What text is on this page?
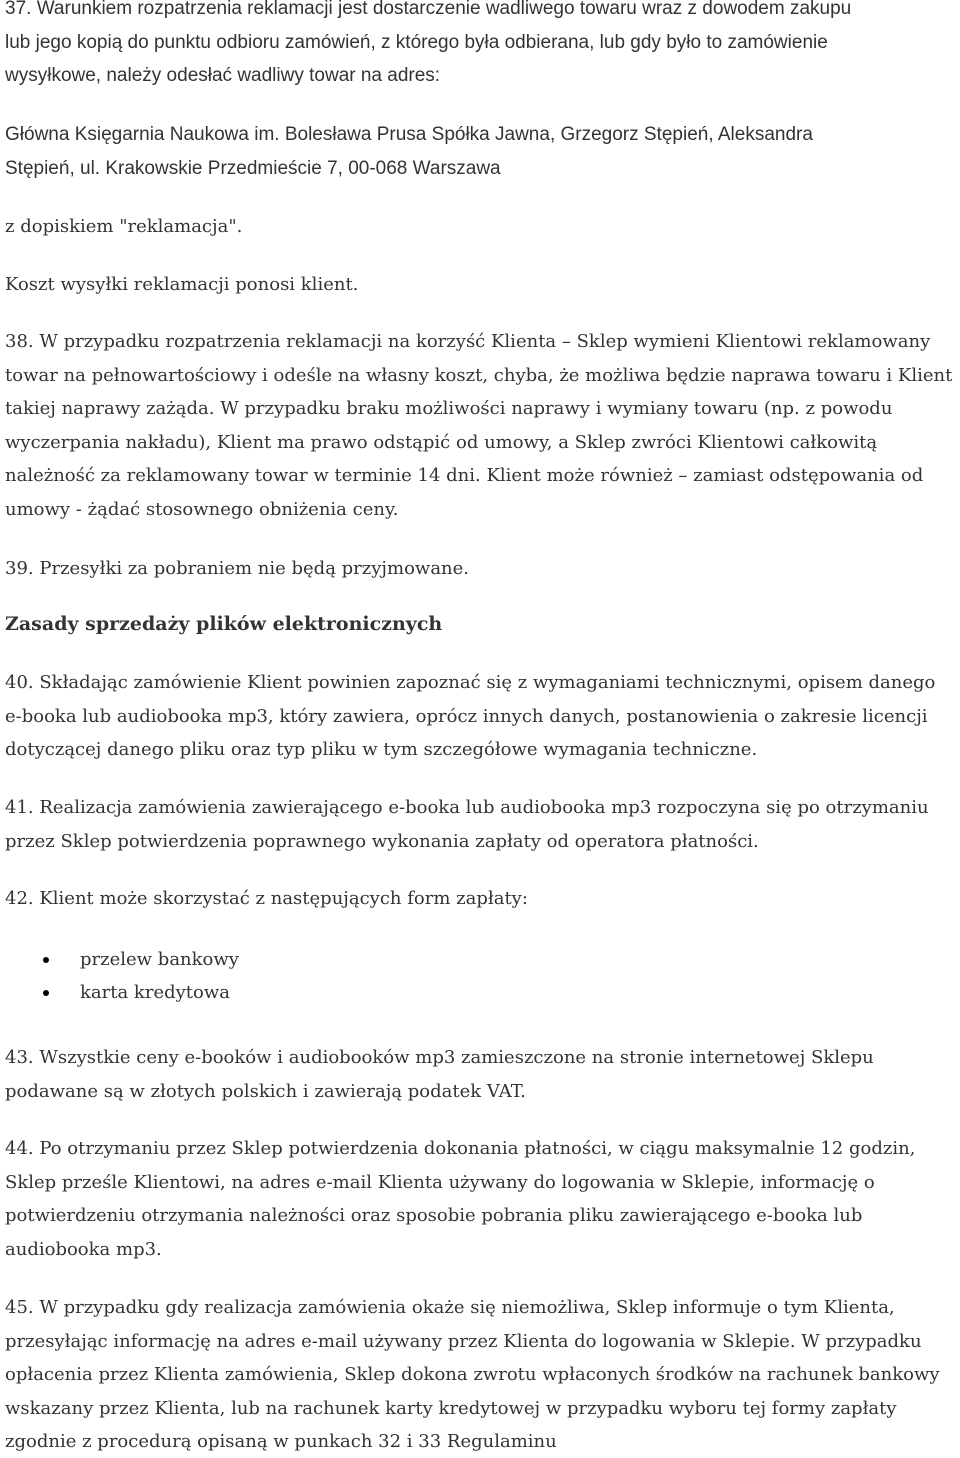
37. Warunkiem rozpatrzenia reklamacji jest dostarczenie wadliwego towaru wraz z dowodem zakupu
lub jego kopią do punktu odbioru zamówień, z którego była odbierana, lub gdy było to zamówienie
wysyłkowe, należy odesłać wadliwy towar na adres:

Główna Księgarnia Naukowa im. Bolesława Prusa Spółka Jawna, Grzegorz Stępień, Aleksandra
Stępień, ul. Krakowskie Przedmieście 7, 00-068 Warszawa

z dopiskiem "reklamacja".

Koszt wysyłki reklamacji ponosi klient.

38. W przypadku rozpatrzenia reklamacji na korzyść Klienta – Sklep wymieni Klientowi reklamowany
towar na pełnowartościowy i odeśle na własny koszt, chyba, że możliwa będzie naprawa towaru i Klient
takiej naprawy zażąda. W przypadku braku możliwości naprawy i wymiany towaru (np. z powodu
wyczerpania nakładu), Klient ma prawo odstąpić od umowy, a Sklep zwróci Klientowi całkowitą
należność za reklamowany towar w terminie 14 dni. Klient może również – zamiast odstępowania od
umowy - żądać stosownego obniżenia ceny.

39. Przesyłki za pobraniem nie będą przyjmowane.

Zasady sprzedaży plików elektronicznych

40. Składając zamówienie Klient powinien zapoznać się z wymaganiami technicznymi, opisem danego
e-booka lub audiobooka mp3, który zawiera, oprócz innych danych, postanowienia o zakresie licencji
dotyczącej danego pliku oraz typ pliku w tym szczegółowe wymagania techniczne.

41. Realizacja zamówienia zawierającego e-booka lub audiobooka mp3 rozpoczyna się po otrzymaniu
przez Sklep potwierdzenia poprawnego wykonania zapłaty od operatora płatności.

42. Klient może skorzystać z następujących form zapłaty:

przelew bankowy
karta kredytowa

43. Wszystkie ceny e-booków i audiobooków mp3 zamieszczone na stronie internetowej Sklepu
podawane są w złotych polskich i zawierają podatek VAT.

44. Po otrzymaniu przez Sklep potwierdzenia dokonania płatności, w ciągu maksymalnie 12 godzin,
Sklep prześle Klientowi, na adres e-mail Klienta używany do logowania w Sklepie, informację o
potwierdzeniu otrzymania należności oraz sposobie pobrania pliku zawierającego e-booka lub
audiobooka mp3.

45. W przypadku gdy realizacja zamówienia okaże się niemożliwa, Sklep informuje o tym Klienta,
przesyłając informację na adres e-mail używany przez Klienta do logowania w Sklepie. W przypadku
opłacenia przez Klienta zamówienia, Sklep dokona zwrotu wpłaconych środków na rachunek bankowy
wskazany przez Klienta, lub na rachunek karty kredytowej w przypadku wyboru tej formy zapłaty
zgodnie z procedurą opisaną w punkach 32 i 33 Regulaminu
